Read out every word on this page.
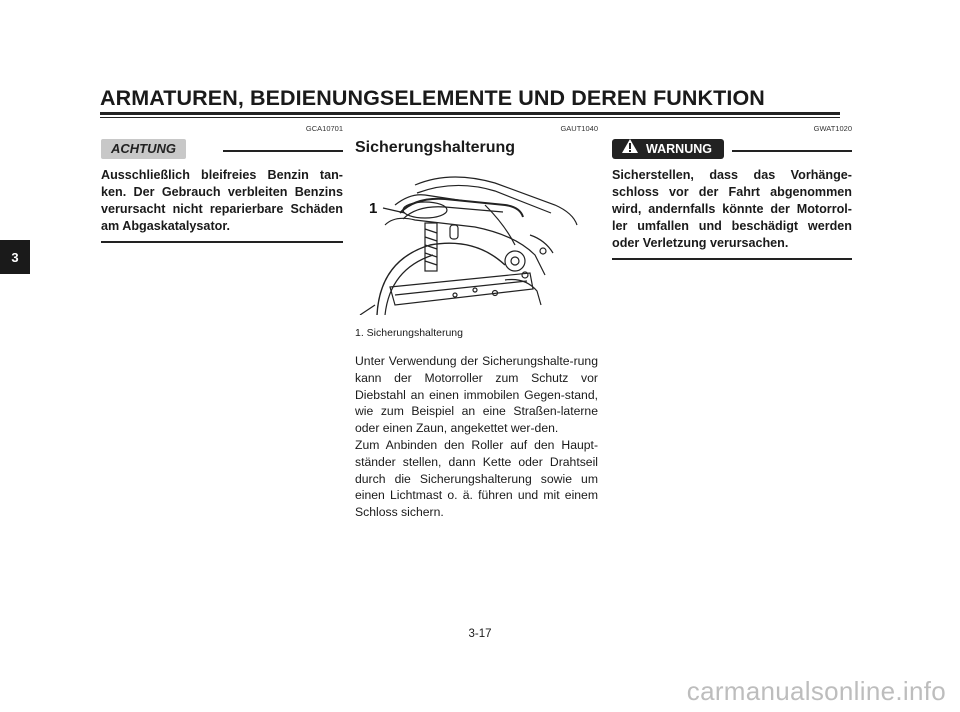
ARMATUREN, BEDIENUNGSELEMENTE UND DEREN FUNKTION
3
GCA10701
ACHTUNG
Ausschließlich bleifreies Benzin tan-ken. Der Gebrauch verbleiten Benzins verursacht nicht reparierbare Schäden am Abgaskatalysator.
GAUT1040
Sicherungshalterung
1
1. Sicherungshalterung

Unter Verwendung der Sicherungshalte-rung kann der Motorroller zum Schutz vor Diebstahl an einen immobilen Gegen-stand, wie zum Beispiel an eine Straßen-laterne oder einen Zaun, angekettet wer-den.

Zum Anbinden den Roller auf den Haupt-ständer stellen, dann Kette oder Drahtseil durch die Sicherungshalterung sowie um einen Lichtmast o. ä. führen und mit einem Schloss sichern.

GWAT1020
WARNUNG
Sicherstellen, dass das Vorhänge-schloss vor der Fahrt abgenommen wird, andernfalls könnte der Motorrol-ler umfallen und beschädigt werden oder Verletzung verursachen.
3-17
carmanualsonline.info
